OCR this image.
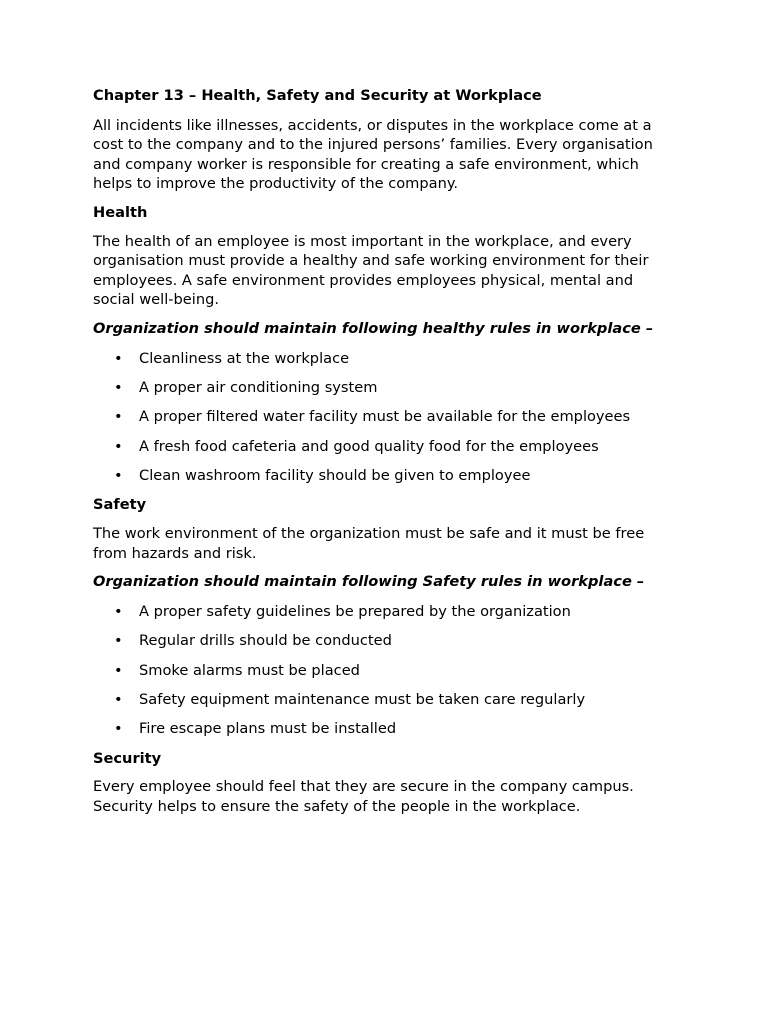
Chapter 13 – Health, Safety and Security at Workplace

All incidents like illnesses, accidents, or disputes in the workplace come at a cost to the company and to the injured persons’ families. Every organisation and company worker is responsible for creating a safe environment, which helps to improve the productivity of the company.

Health

The health of an employee is most important in the workplace, and every organisation must provide a healthy and safe working environment for their employees. A safe environment provides employees physical, mental and social well-being.

Organization should maintain following healthy rules in workplace –

• Cleanliness at the workplace
• A proper air conditioning system
• A proper filtered water facility must be available for the employees
• A fresh food cafeteria and good quality food for the employees
• Clean washroom facility should be given to employee

Safety

The work environment of the organization must be safe and it must be free from hazards and risk.

Organization should maintain following Safety rules in workplace –

• A proper safety guidelines be prepared by the organization
• Regular drills should be conducted
• Smoke alarms must be placed
• Safety equipment maintenance must be taken care regularly
• Fire escape plans must be installed

Security

Every employee should feel that they are secure in the company campus. Security helps to ensure the safety of the people in the workplace.
